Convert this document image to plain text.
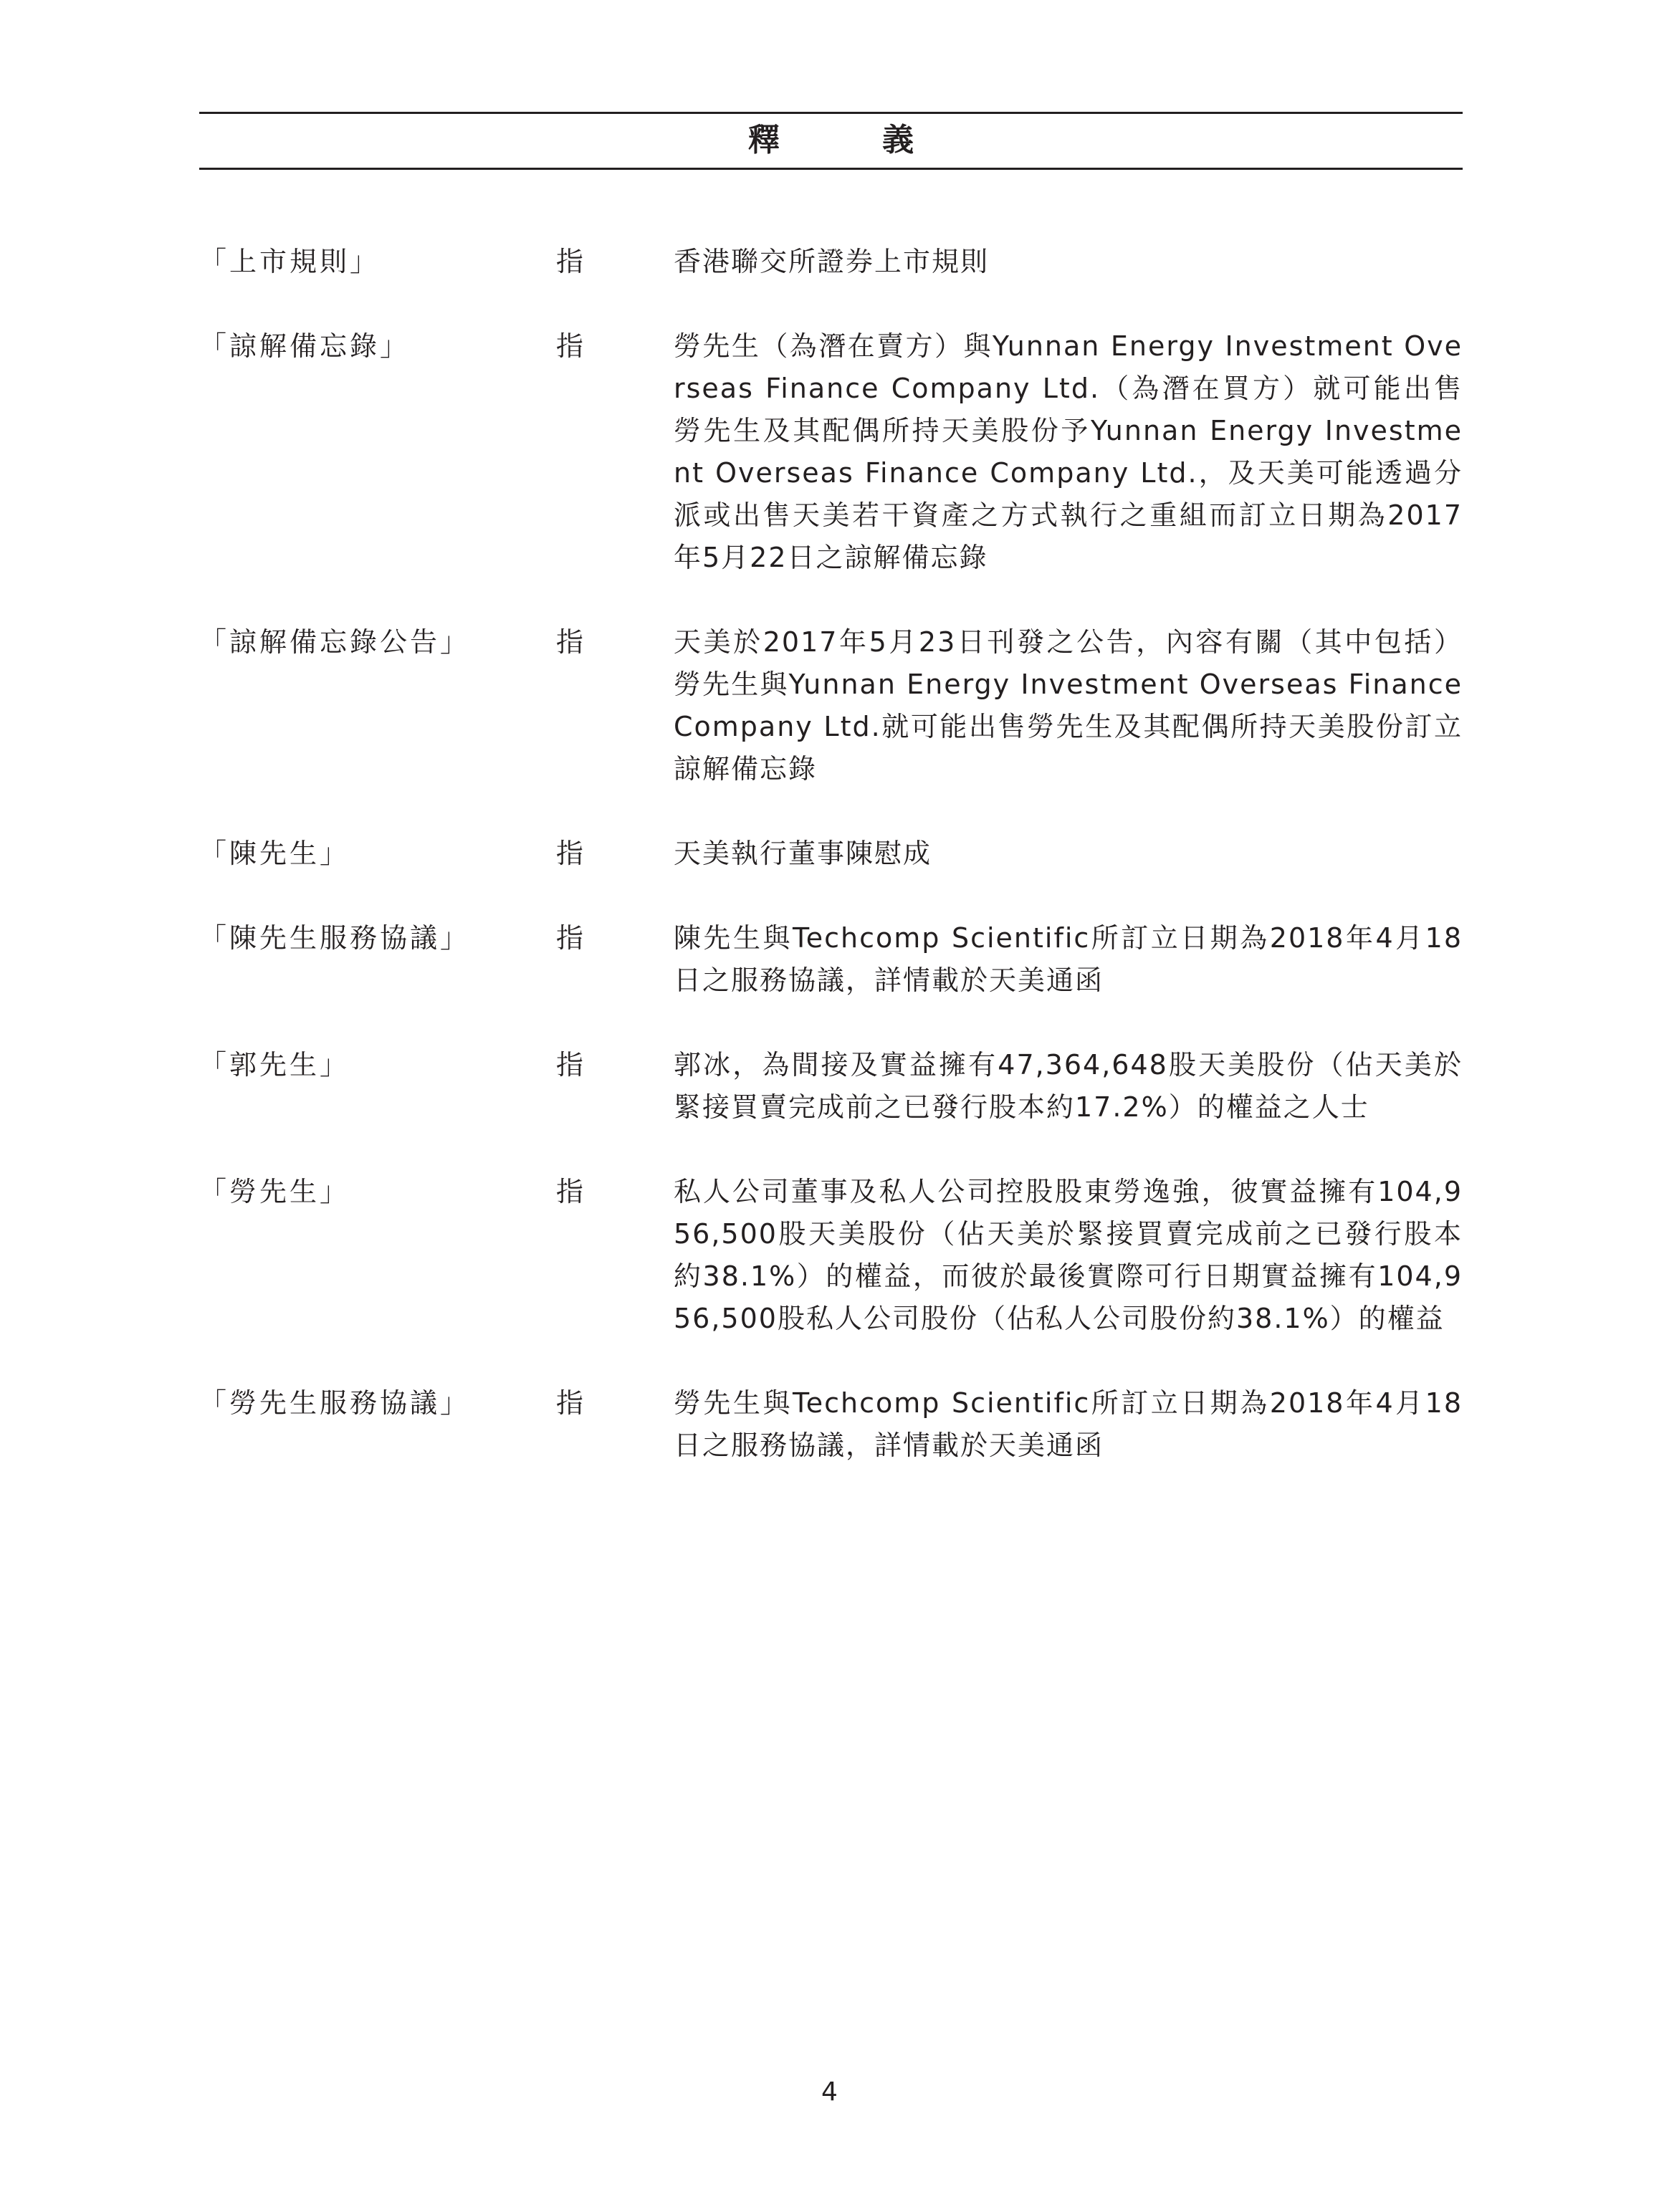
釋 義
「上市規則」	指	香港聯交所證券上市規則
「諒解備忘錄」	指	勞先生（為潛在賣方）與Yunnan Energy Investment Overseas Finance Company Ltd.（為潛在買方）就可能出售勞先生及其配偶所持天美股份予Yunnan Energy Investment Overseas Finance Company Ltd.，及天美可能透過分派或出售天美若干資產之方式執行之重組而訂立日期為2017年5月22日之諒解備忘錄
「諒解備忘錄公告」	指	天美於2017年5月23日刊發之公告，內容有關（其中包括）勞先生與Yunnan Energy Investment Overseas Finance Company Ltd.就可能出售勞先生及其配偶所持天美股份訂立諒解備忘錄
「陳先生」	指	天美執行董事陳慰成
「陳先生服務協議」	指	陳先生與Techcomp Scientific所訂立日期為2018年4月18日之服務協議，詳情載於天美通函
「郭先生」	指	郭冰，為間接及實益擁有47,364,648股天美股份（佔天美於緊接買賣完成前之已發行股本約17.2%）的權益之人士
「勞先生」	指	私人公司董事及私人公司控股股東勞逸強，彼實益擁有104,956,500股天美股份（佔天美於緊接買賣完成前之已發行股本約38.1%）的權益，而彼於最後實際可行日期實益擁有104,956,500股私人公司股份（佔私人公司股份約38.1%）的權益
「勞先生服務協議」	指	勞先生與Techcomp Scientific所訂立日期為2018年4月18日之服務協議，詳情載於天美通函
4
